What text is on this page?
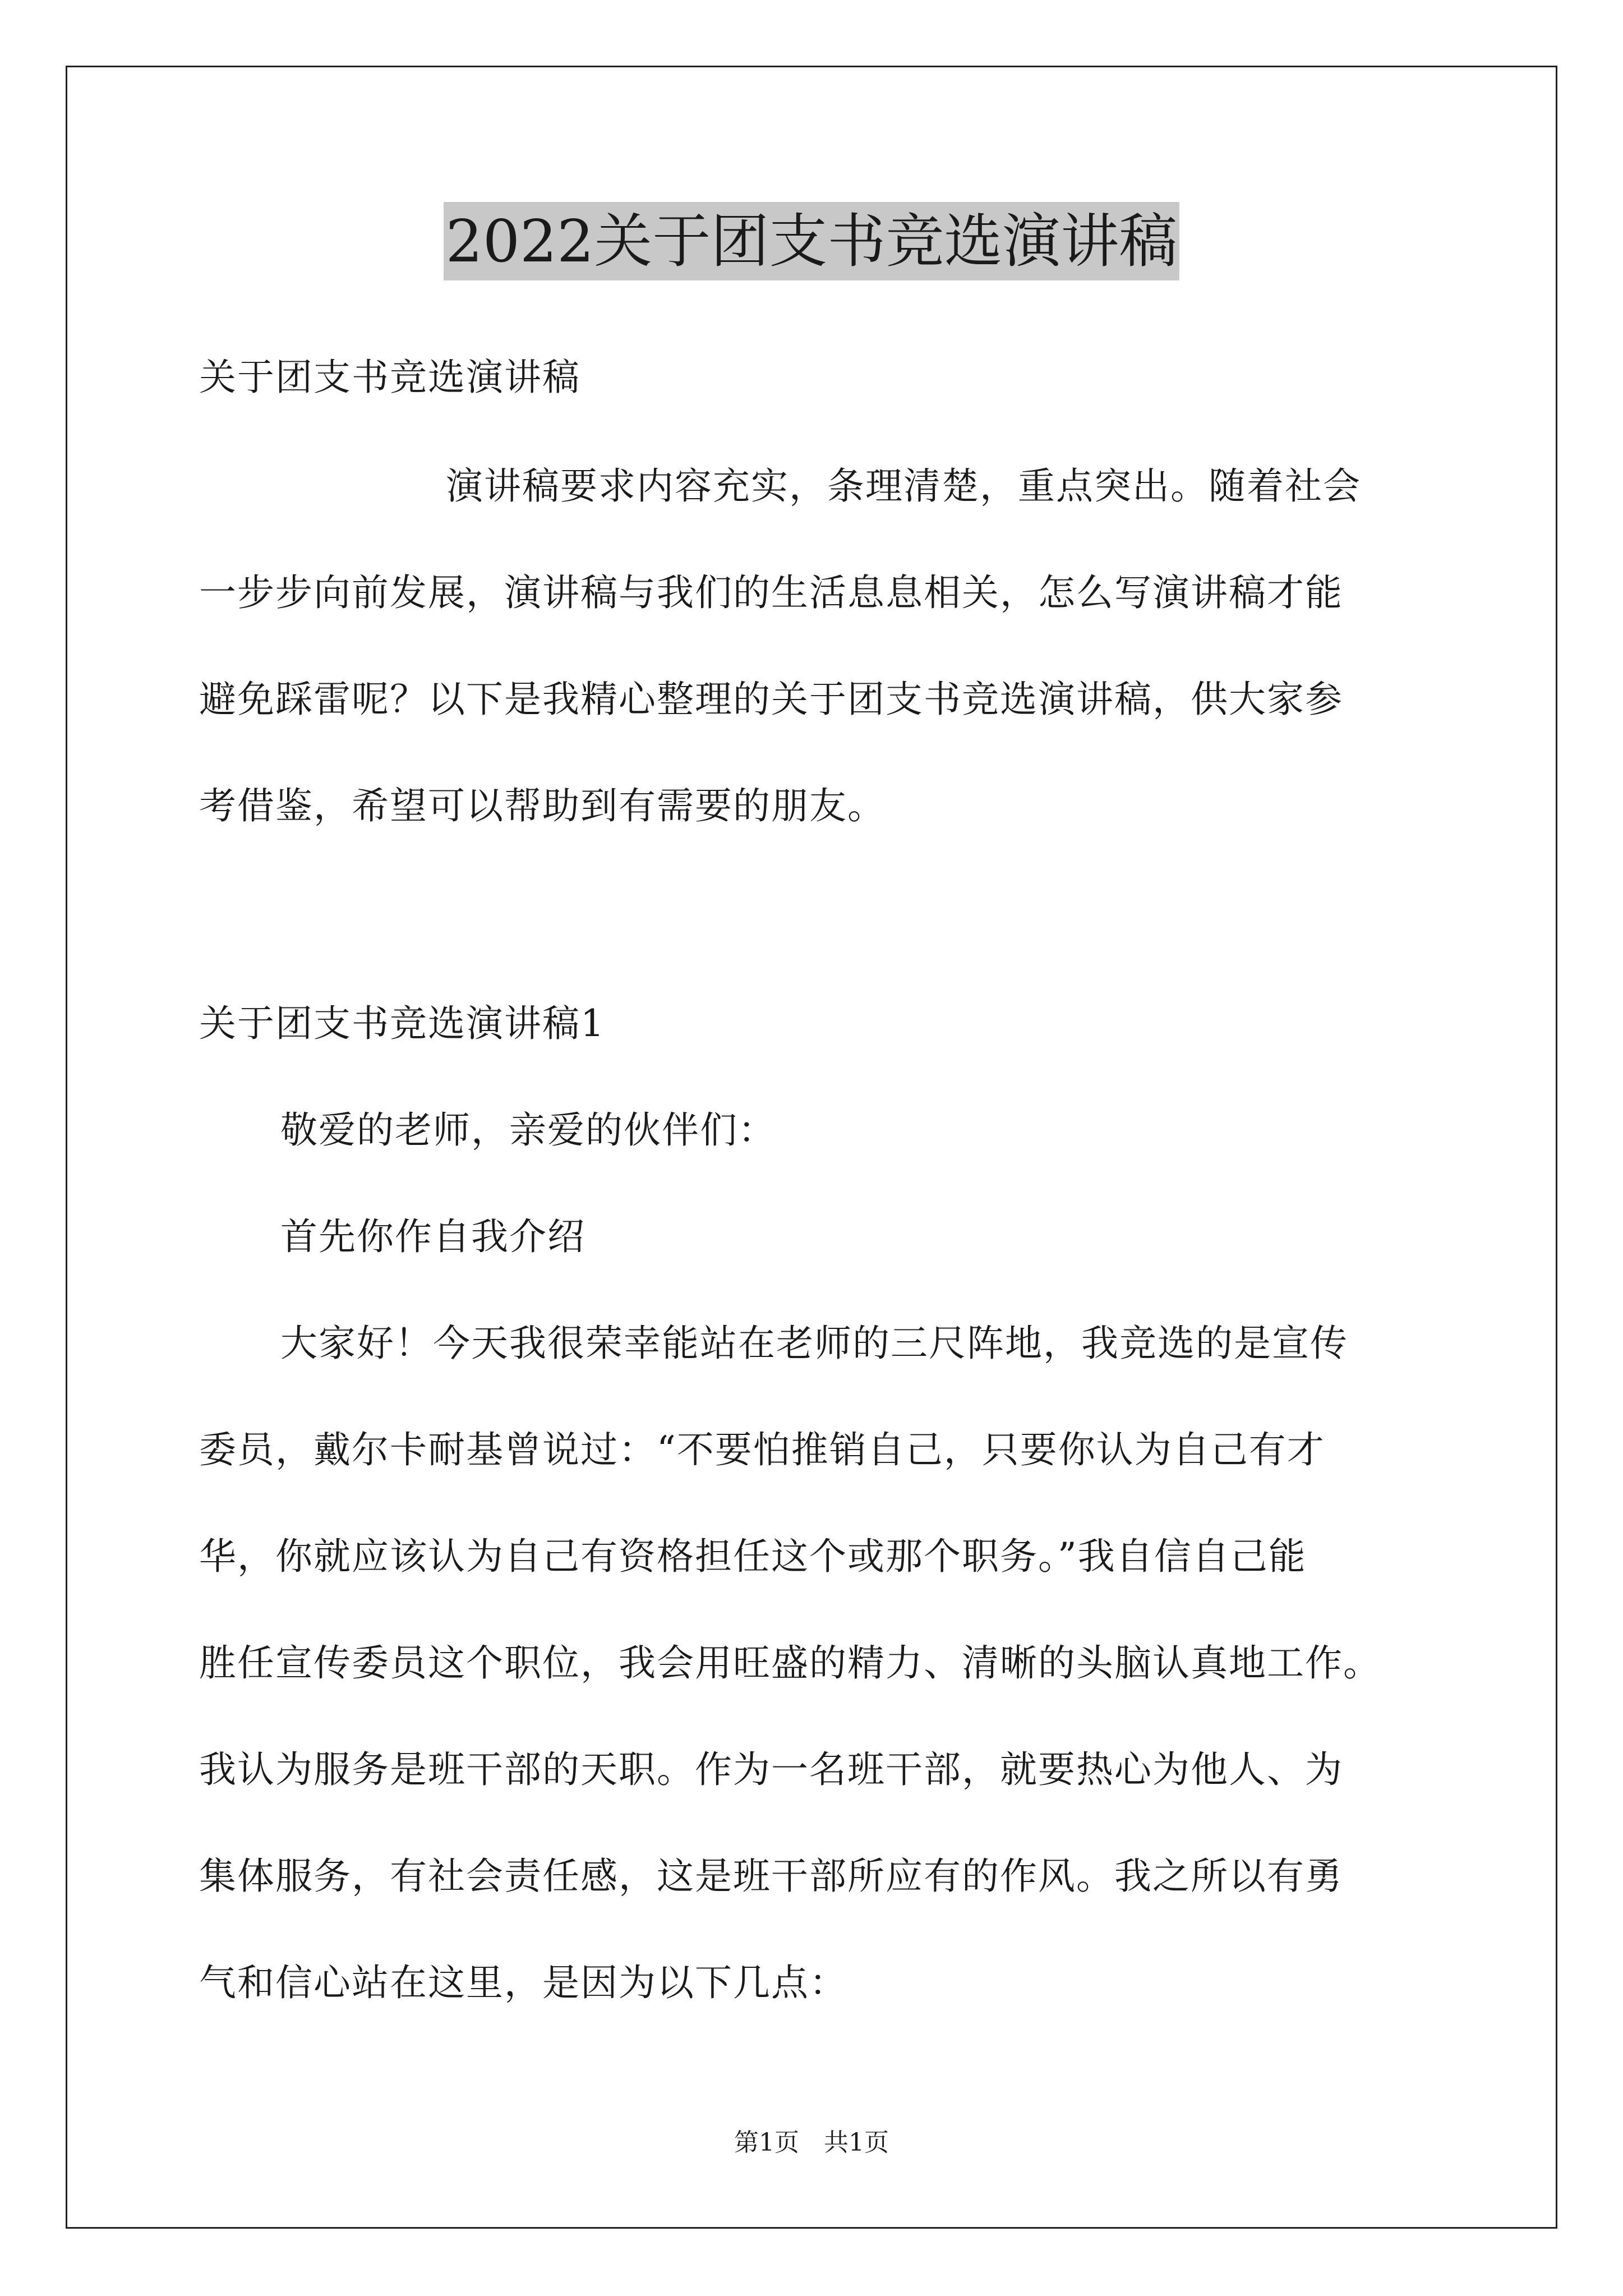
2022关于团支书竞选演讲稿
关于团支书竞选演讲稿
演讲稿要求内容充实，条理清楚，重点突出。随着社会
一步步向前发展，演讲稿与我们的生活息息相关，怎么写演讲稿才能
避免踩雷呢？以下是我精心整理的关于团支书竞选演讲稿，供大家参
考借鉴，希望可以帮助到有需要的朋友。
关于团支书竞选演讲稿1
敬爱的老师，亲爱的伙伴们：
首先你作自我介绍
大家好！今天我很荣幸能站在老师的三尺阵地，我竞选的是宣传
委员，戴尔卡耐基曾说过：“不要怕推销自己，只要你认为自己有才
华，你就应该认为自己有资格担任这个或那个职务。”我自信自己能
胜任宣传委员这个职位，我会用旺盛的精力、清晰的头脑认真地工作。
我认为服务是班干部的天职。作为一名班干部，就要热心为他人、为
集体服务，有社会责任感，这是班干部所应有的作风。我之所以有勇
气和信心站在这里，是因为以下几点：
第1页　共1页
